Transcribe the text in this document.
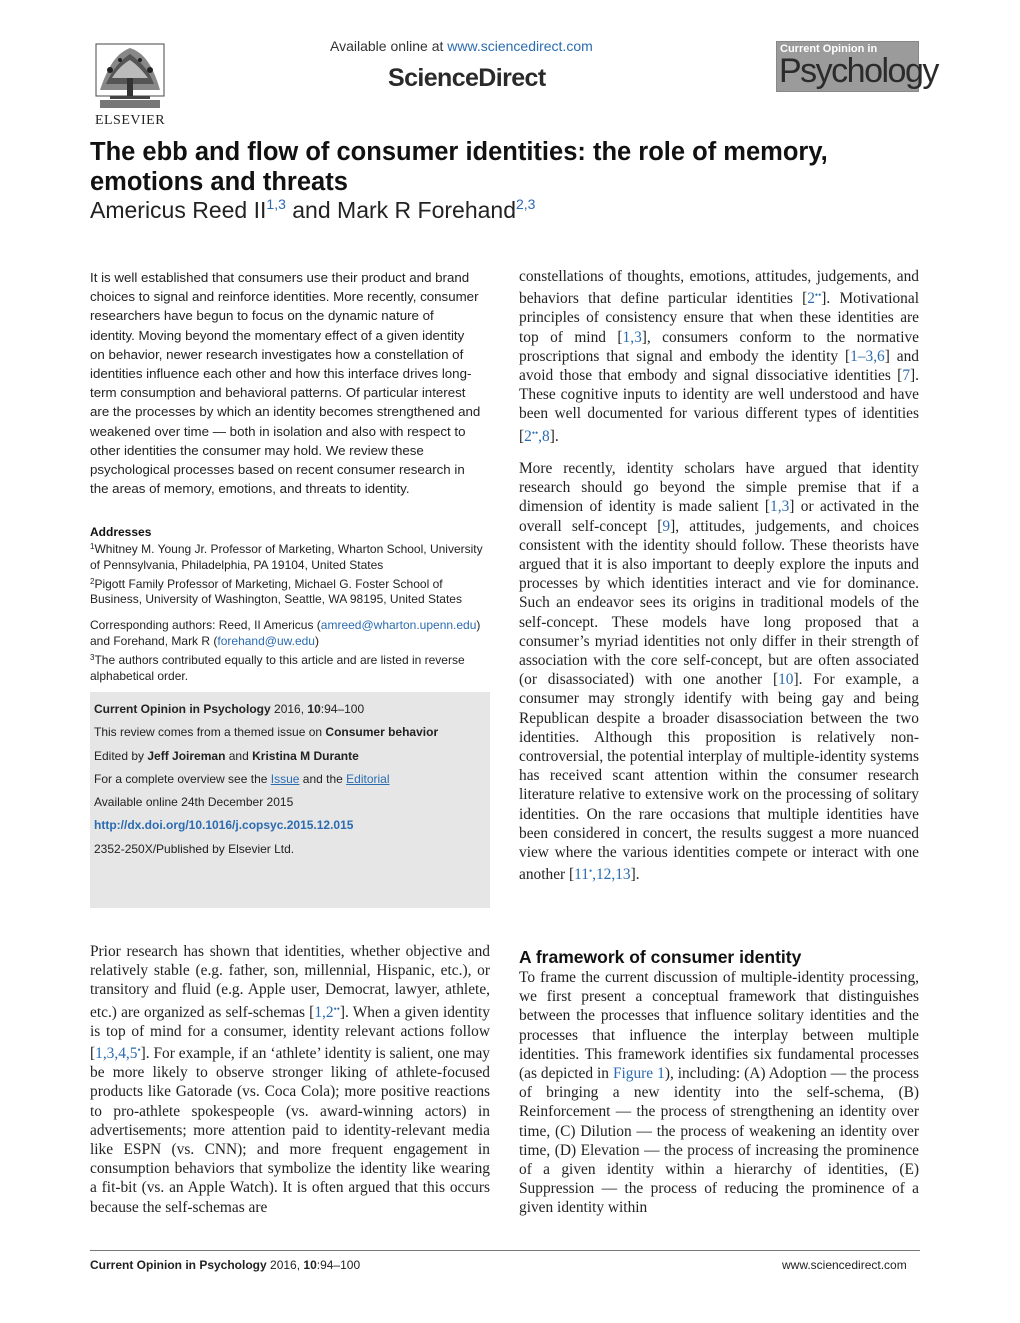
ELSEVIER
Available online at www.sciencedirect.com
ScienceDirect
Current Opinion in
Psychology
The ebb and flow of consumer identities: the role of memory, emotions and threats
Americus Reed II$^{1,3}$ and Mark R Forehand$^{2,3}$

It is well established that consumers use their product and brand choices to signal and reinforce identities. More recently, consumer researchers have begun to focus on the dynamic nature of identity. Moving beyond the momentary effect of a given identity on behavior, newer research investigates how a constellation of identities influence each other and how this interface drives long-term consumption and behavioral patterns. Of particular interest are the processes by which an identity becomes strengthened and weakened over time — both in isolation and also with respect to other identities the consumer may hold. We review these psychological processes based on recent consumer research in the areas of memory, emotions, and threats to identity.

Addresses
$^1$Whitney M. Young Jr. Professor of Marketing, Wharton School, University of Pennsylvania, Philadelphia, PA 19104, United States
$^2$Pigott Family Professor of Marketing, Michael G. Foster School of Business, University of Washington, Seattle, WA 98195, United States
Corresponding authors: Reed, II Americus (amreed@wharton.upenn.edu) and Forehand, Mark R (forehand@uw.edu)
$^3$The authors contributed equally to this article and are listed in reverse alphabetical order.
Current Opinion in Psychology 2016, 10:94–100
This review comes from a themed issue on Consumer behavior
Edited by Jeff Joireman and Kristina M Durante
For a complete overview see the Issue and the Editorial
Available online 24th December 2015
http://dx.doi.org/10.1016/j.copsyc.2015.12.015
2352-250X/Published by Elsevier Ltd.

Prior research has shown that identities, whether objective and relatively stable (e.g. father, son, millennial, Hispanic, etc.), or transitory and fluid (e.g. Apple user, Democrat, lawyer, athlete, etc.) are organized as self-schemas [1,2••]. When a given identity is top of mind for a consumer, identity relevant actions follow [1,3,4,5•]. For example, if an ‘athlete’ identity is salient, one may be more likely to observe stronger liking of athlete-focused products like Gatorade (vs. Coca Cola); more positive reactions to pro-athlete spokespeople (vs. award-winning actors) in advertisements; more attention paid to identity-relevant media like ESPN (vs. CNN); and more frequent engagement in consumption behaviors that symbolize the identity like wearing a fit-bit (vs. an Apple Watch). It is often argued that this occurs because the self-schemas are

constellations of thoughts, emotions, attitudes, judgements, and behaviors that define particular identities [2••]. Motivational principles of consistency ensure that when these identities are top of mind [1,3], consumers conform to the normative proscriptions that signal and embody the identity [1–3,6] and avoid those that embody and signal dissociative identities [7]. These cognitive inputs to identity are well understood and have been well documented for various different types of identities [2••,8].

More recently, identity scholars have argued that identity research should go beyond the simple premise that if a dimension of identity is made salient [1,3] or activated in the overall self-concept [9], attitudes, judgements, and choices consistent with the identity should follow. These theorists have argued that it is also important to deeply explore the inputs and processes by which identities interact and vie for dominance. Such an endeavor sees its origins in traditional models of the self-concept. These models have long proposed that a consumer’s myriad identities not only differ in their strength of association with the core self-concept, but are often associated (or disassociated) with one another [10]. For example, a consumer may strongly identify with being gay and being Republican despite a broader disassociation between the two identities. Although this proposition is relatively non-controversial, the potential interplay of multiple-identity systems has received scant attention within the consumer research literature relative to extensive work on the processing of solitary identities. On the rare occasions that multiple identities have been considered in concert, the results suggest a more nuanced view where the various identities compete or interact with one another [11•,12,13].

A framework of consumer identity

To frame the current discussion of multiple-identity processing, we first present a conceptual framework that distinguishes between the processes that influence solitary identities and the processes that influence the interplay between multiple identities. This framework identifies six fundamental processes (as depicted in Figure 1), including: (A) Adoption — the process of bringing a new identity into the self-schema, (B) Reinforcement — the process of strengthening an identity over time, (C) Dilution — the process of weakening an identity over time, (D) Elevation — the process of increasing the prominence of a given identity within a hierarchy of identities, (E) Suppression — the process of reducing the prominence of a given identity within

Current Opinion in Psychology 2016, 10:94–100	www.sciencedirect.com
